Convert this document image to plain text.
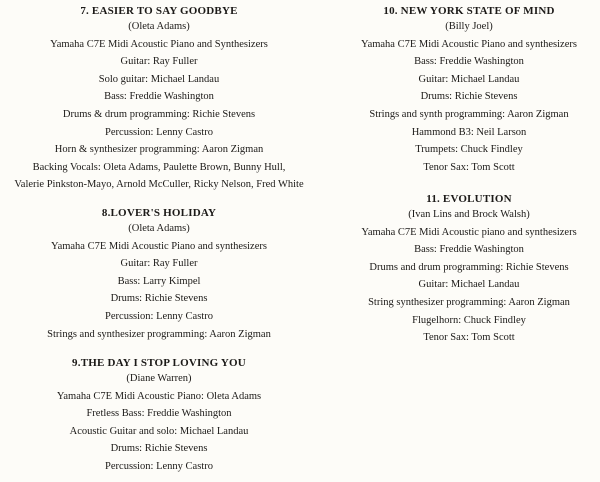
7. EASIER TO SAY GOODBYE
(Oleta Adams)
Yamaha C7E Midi Acoustic Piano and Synthesizers
Guitar: Ray Fuller
Solo guitar: Michael Landau
Bass: Freddie Washington
Drums & drum programming: Richie Stevens
Percussion: Lenny Castro
Horn & synthesizer programming: Aaron Zigman
Backing Vocals: Oleta Adams, Paulette Brown, Bunny Hull,
Valerie Pinkston-Mayo, Arnold McCuller, Ricky Nelson, Fred White
8.LOVER'S HOLIDAY
(Oleta Adams)
Yamaha C7E Midi Acoustic Piano and synthesizers
Guitar: Ray Fuller
Bass: Larry Kimpel
Drums: Richie Stevens
Percussion: Lenny Castro
Strings and synthesizer programming: Aaron Zigman
9.THE DAY I STOP LOVING YOU
(Diane Warren)
Yamaha C7E Midi Acoustic Piano: Oleta Adams
Fretless Bass: Freddie Washington
Acoustic Guitar and solo: Michael Landau
Drums: Richie Stevens
Percussion: Lenny Castro
10. NEW YORK STATE OF MIND
(Billy Joel)
Yamaha C7E Midi Acoustic Piano and synthesizers
Bass: Freddie Washington
Guitar: Michael Landau
Drums: Richie Stevens
Strings and synth programming: Aaron Zigman
Hammond B3: Neil Larson
Trumpets: Chuck Findley
Tenor Sax: Tom Scott
11. EVOLUTION
(Ivan Lins and Brock Walsh)
Yamaha C7E Midi Acoustic piano and synthesizers
Bass: Freddie Washington
Drums and drum programming: Richie Stevens
Guitar: Michael Landau
String synthesizer programming: Aaron Zigman
Flugelhorn: Chuck Findley
Tenor Sax: Tom Scott
